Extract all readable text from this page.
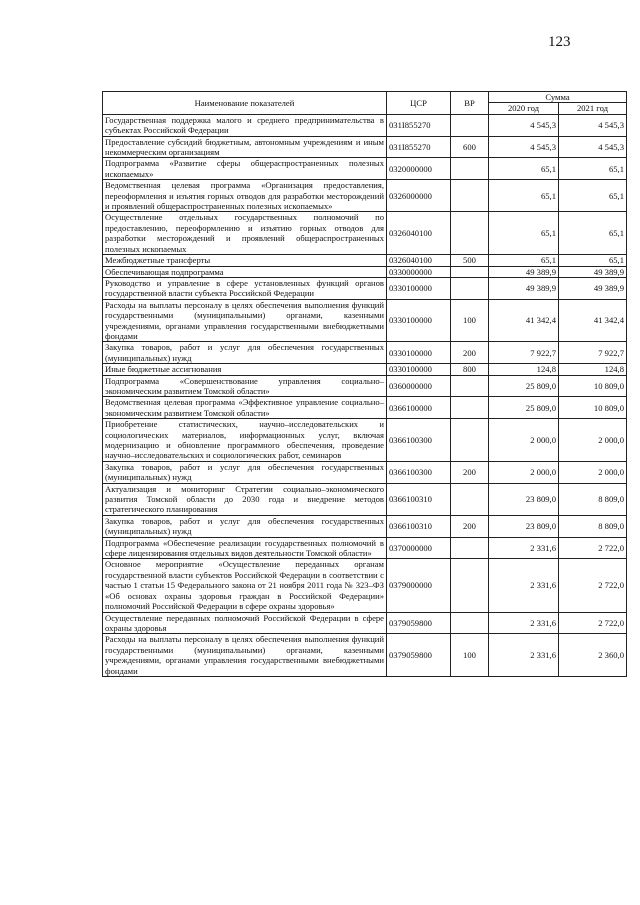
123
Наименование показателей	ЦСР	ВР	Сумма	
			2020 год	2021 год
Государственная поддержка малого и среднего предпринимательства в субъектах Российской Федерации	031I855270		4 545,3	4 545,3
Предоставление субсидий бюджетным, автономным учреждениям и иным некоммерческим организациям	031I855270	600	4 545,3	4 545,3
Подпрограмма «Развитие сферы общераспространенных полезных ископаемых»	0320000000		65,1	65,1
Ведомственная целевая программа «Организация предоставления, переоформления и изъятия горных отводов для разработки месторождений и проявлений общераспространенных полезных ископаемых»	0326000000		65,1	65,1
Осуществление отдельных государственных полномочий по предоставлению, переоформлению и изъятию горных отводов для разработки месторождений и проявлений общераспространенных полезных ископаемых	0326040100		65,1	65,1
Межбюджетные трансферты	0326040100	500	65,1	65,1
Обеспечивающая подпрограмма	0330000000		49 389,9	49 389,9
Руководство и управление в сфере установленных функций органов государственной власти субъекта Российской Федерации	0330100000		49 389,9	49 389,9
Расходы на выплаты персоналу в целях обеспечения выполнения функций государственными (муниципальными) органами, казенными учреждениями, органами управления государственными внебюджетными фондами	0330100000	100	41 342,4	41 342,4
Закупка товаров, работ и услуг для обеспечения государственных (муниципальных) нужд	0330100000	200	7 922,7	7 922,7
Иные бюджетные ассигнования	0330100000	800	124,8	124,8
Подпрограмма «Совершенствование управления социально–экономическим развитием Томской области»	0360000000		25 809,0	10 809,0
Ведомственная целевая программа «Эффективное управление социально–экономическим развитием Томской области»	0366100000		25 809,0	10 809,0
Приобретение статистических, научно–исследовательских и социологических материалов, информационных услуг, включая модернизацию и обновление программного обеспечения, проведение научно–исследовательских и социологических работ, семинаров	0366100300		2 000,0	2 000,0
Закупка товаров, работ и услуг для обеспечения государственных (муниципальных) нужд	0366100300	200	2 000,0	2 000,0
Актуализация и мониторинг Стратегии социально–экономического развития Томской области до 2030 года и внедрение методов стратегического планирования	0366100310		23 809,0	8 809,0
Закупка товаров, работ и услуг для обеспечения государственных (муниципальных) нужд	0366100310	200	23 809,0	8 809,0
Подпрограмма «Обеспечение реализации государственных полномочий в сфере лицензирования отдельных видов деятельности Томской области»	0370000000		2 331,6	2 722,0
Основное мероприятие «Осуществление переданных органам государственной власти субъектов Российской Федерации в соответствии с частью 1 статьи 15 Федерального закона от 21 ноября 2011 года № 323–ФЗ «Об основах охраны здоровья граждан в Российской Федерации» полномочий Российской Федерации в сфере охраны здоровья»	0379000000		2 331,6	2 722,0
Осуществление переданных полномочий Российской Федерации в сфере охраны здоровья	0379059800		2 331,6	2 722,0
Расходы на выплаты персоналу в целях обеспечения выполнения функций государственными (муниципальными) органами, казенными учреждениями, органами управления государственными внебюджетными фондами	0379059800	100	2 331,6	2 360,0
